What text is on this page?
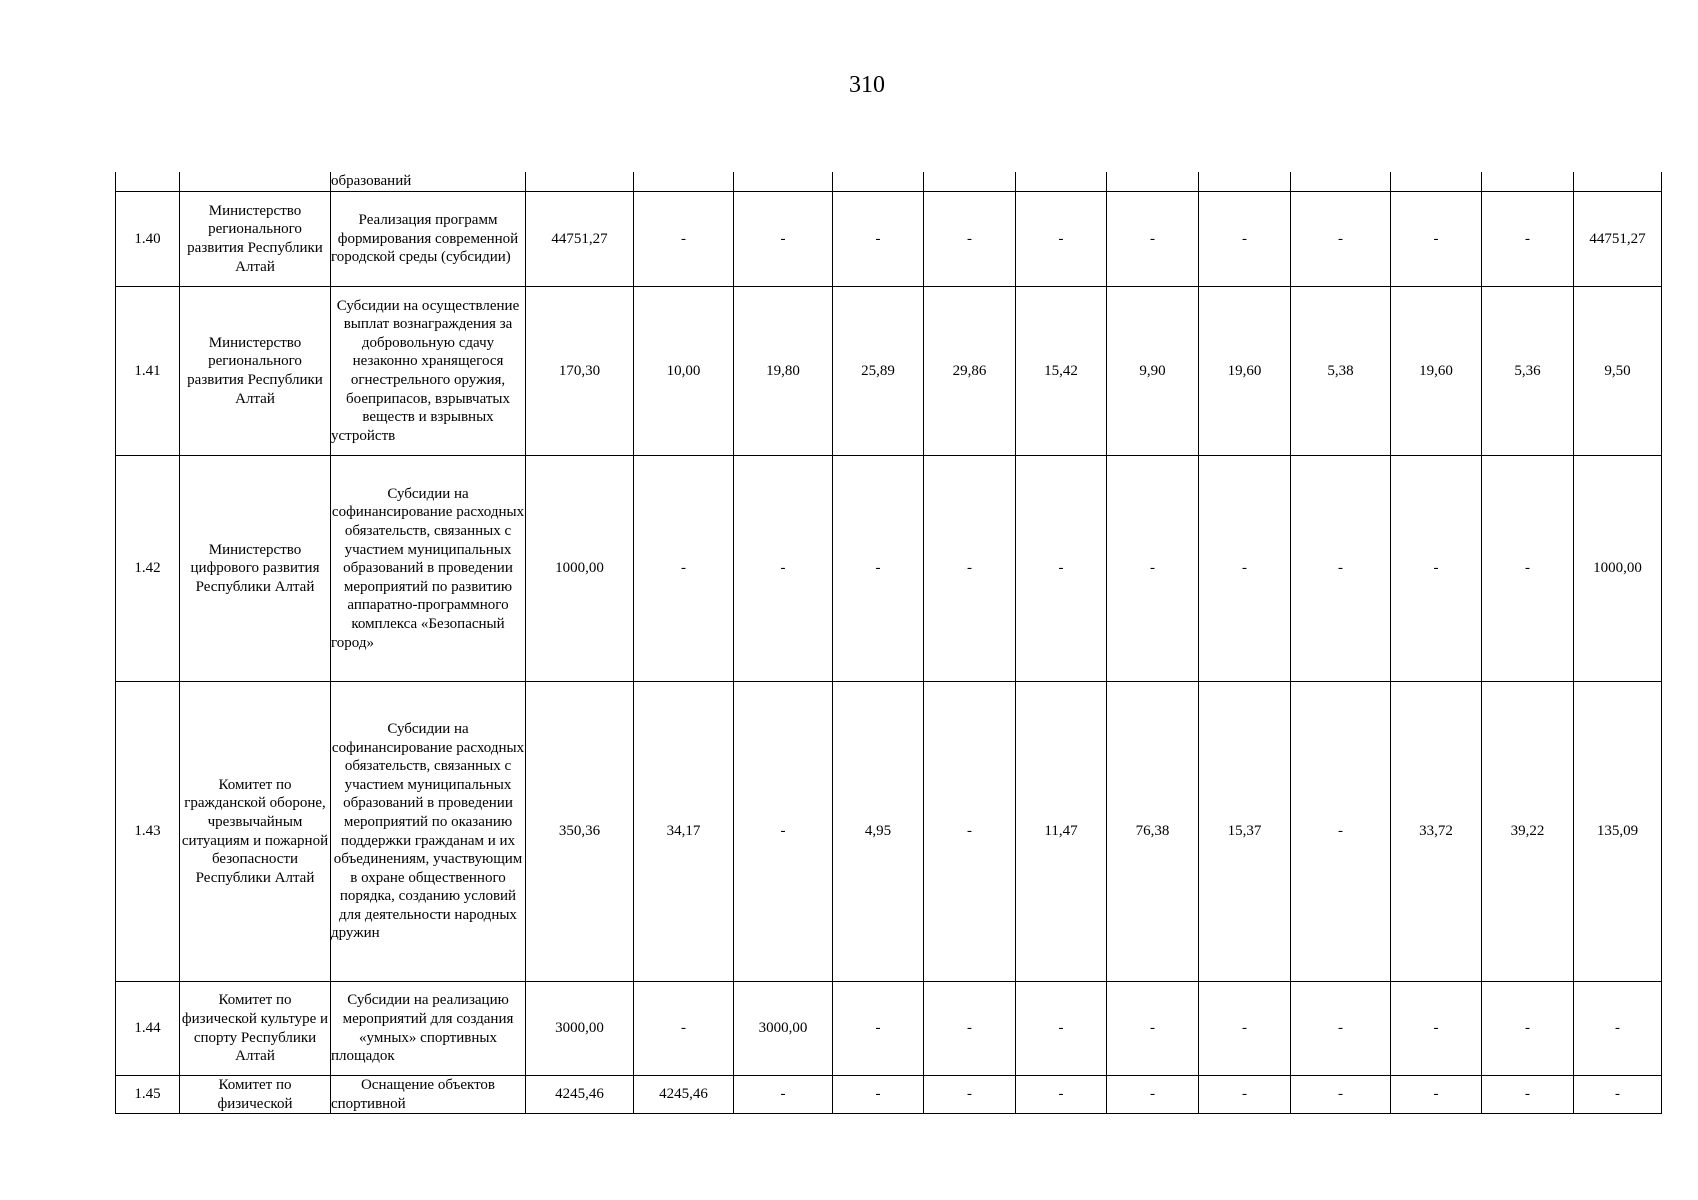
310
		образований												
1.40	Министерство регионального развития Республики Алтай	Реализация программ формирования современной городской среды (субсидии)	44751,27	-	-	-	-	-	-	-	-	-	-	44751,27
1.41	Министерство регионального развития Республики Алтай	Субсидии на осуществление выплат вознаграждения за добровольную сдачу незаконно хранящегося огнестрельного оружия, боеприпасов, взрывчатых веществ и взрывных устройств	170,30	10,00	19,80	25,89	29,86	15,42	9,90	19,60	5,38	19,60	5,36	9,50
1.42	Министерство цифрового развития Республики Алтай	Субсидии на софинансирование расходных обязательств, связанных с участием муниципальных образований в проведении мероприятий по развитию аппаратно-программного комплекса «Безопасный город»	1000,00	-	-	-	-	-	-	-	-	-	-	1000,00
1.43	Комитет по гражданской обороне, чрезвычайным ситуациям и пожарной безопасности Республики Алтай	Субсидии на софинансирование расходных обязательств, связанных с участием муниципальных образований в проведении мероприятий по оказанию поддержки гражданам и их объединениям, участвующим в охране общественного порядка, созданию условий для деятельности народных дружин	350,36	34,17	-	4,95	-	11,47	76,38	15,37	-	33,72	39,22	135,09
1.44	Комитет по физической культуре и спорту Республики Алтай	Субсидии на реализацию мероприятий для создания «умных» спортивных площадок	3000,00	-	3000,00	-	-	-	-	-	-	-	-	-
1.45	Комитет по физической	Оснащение объектов спортивной	4245,46	4245,46	-	-	-	-	-	-	-	-	-	-
